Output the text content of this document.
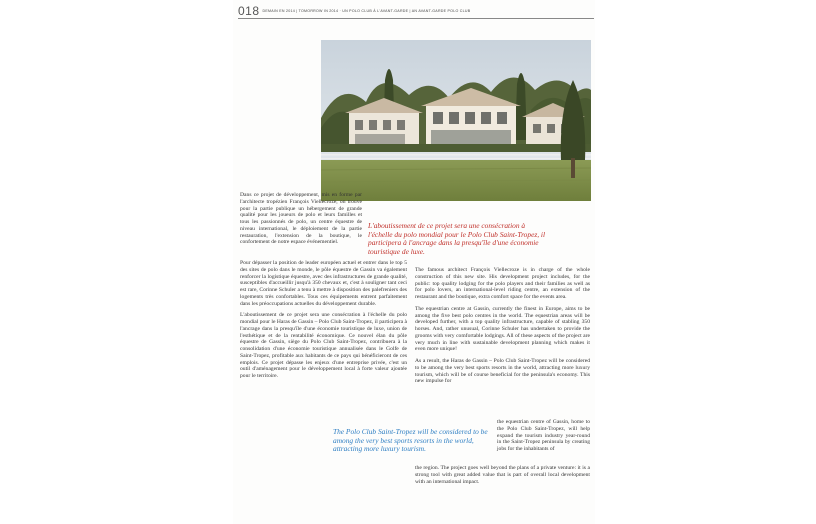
018 DEMAIN EN 2014 | TOMORROW IN 2014 · UN POLO CLUB À L'AVANT-GARDE | AN AVANT-GARDE POLO CLUB

Dans ce projet de développement, mis en forme par l'architecte tropézien François Viellecroze, on trouve pour la partie publique un hébergement de grande qualité pour les joueurs de polo et leurs familles et tous les passionnés de polo, un centre équestre de niveau international, le déploiement de la partie restauration, l'extension de la boutique, le confortement de notre espace événementiel.

L'aboutissement de ce projet sera une consécration à l'échelle du polo mondial pour le Polo Club Saint-Tropez, il participera à l'ancrage dans la presqu'île d'une économie touristique de luxe.

Pour dépasser la position de leader européen actuel et entrer dans le top 5 des sites de polo dans le monde, le pôle équestre de Gassin va également renforcer la logistique équestre, avec des infrastructures de grande qualité, susceptibles d'accueillir jusqu'à 350 chevaux et, c'est à souligner tant ceci est rare, Corinne Schuler a tenu à mettre à disposition des palefreniers des logements très confortables. Tous ces équipements entrent parfaitement dans les préoccupations actuelles du développement durable.

L'aboutissement de ce projet sera une consécration à l'échelle du polo mondial pour le Haras de Gassin – Polo Club Saint-Tropez, il participera à l'ancrage dans la presqu'île d'une économie touristique de luxe, union de l'esthétique et de la rentabilité économique. Ce nouvel élan du pôle équestre de Gassin, siège du Polo Club Saint-Tropez, contribuera à la consolidation d'une économie touristique annualisée dans le Golfe de Saint-Tropez, profitable aux habitants de ce pays qui bénéficieront de ces emplois. Ce projet dépasse les enjeux d'une entreprise privée, c'est un outil d'aménagement pour le développement local à forte valeur ajoutée pour le territoire.

The famous architect François Viellecroze is in charge of the whole construction of this new site. His development project includes, for the public: top quality lodging for the polo players and their families as well as for polo lovers, an international-level riding centre, an extension of the restaurant and the boutique, extra comfort space for the events area.

The equestrian centre at Gassin, currently the finest in Europe, aims to be among the five best polo centres in the world. The equestrian areas will be developed further, with a top quality infrastructure, capable of stabling 350 horses. And, rather unusual, Corinne Schuler has undertaken to provide the grooms with very comfortable lodgings. All of these aspects of the project are very much in line with sustainable development planning which makes it even more unique!

As a result, the Haras de Gassin – Polo Club Saint-Tropez will be considered to be among the very best sports resorts in the world, attracting more luxury tourism, which will be of course beneficial for the peninsula's economy. This new impulse for

The Polo Club Saint-Tropez will be considered to be among the very best sports resorts in the world, attracting more luxury tourism.

the equestrian centre of Gassin, home to the Polo Club Saint-Tropez, will help expand the tourism industry year-round in the Saint-Tropez peninsula by creating jobs for the inhabitants of

the region. The project goes well beyond the plans of a private venture: it is a strong tool with great added value that is part of overall local development with an international impact.
